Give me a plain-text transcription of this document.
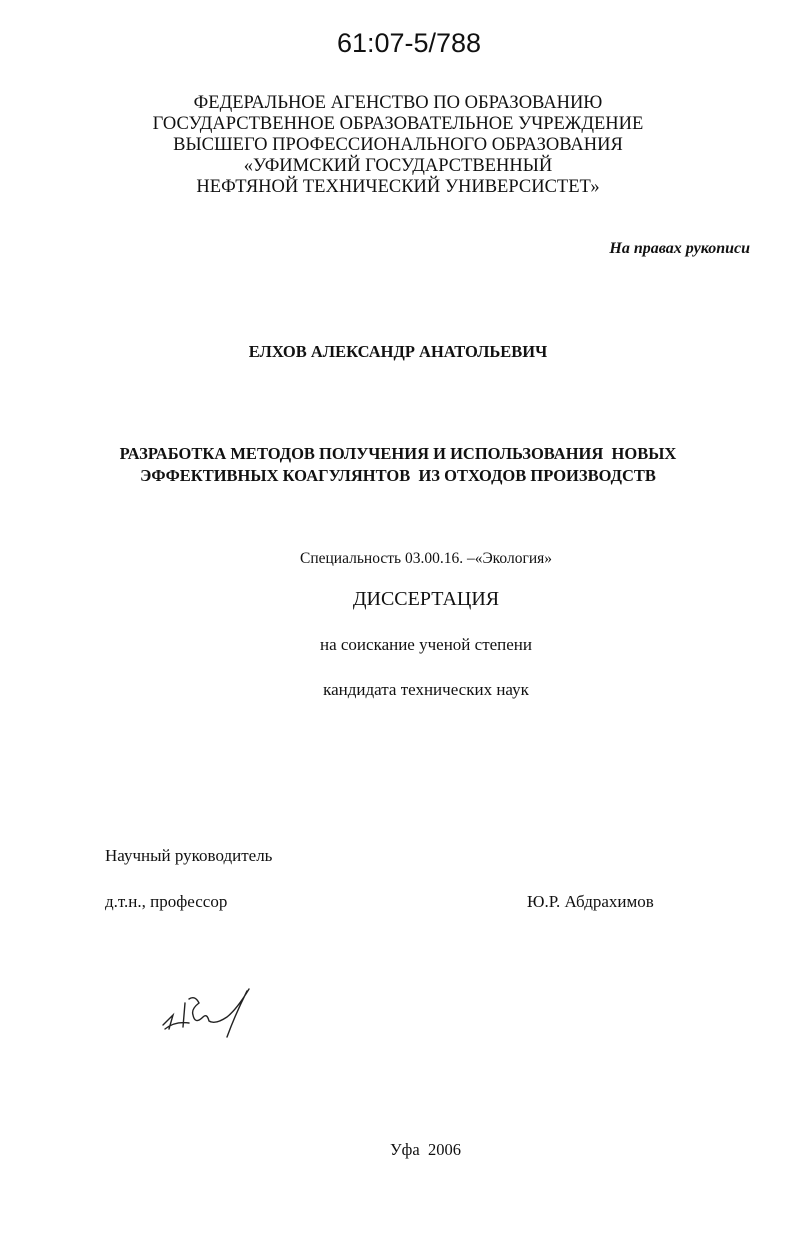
61:07-5/788
ФЕДЕРАЛЬНОЕ АГЕНСТВО ПО ОБРАЗОВАНИЮ
ГОСУДАРСТВЕННОЕ ОБРАЗОВАТЕЛЬНОЕ УЧРЕЖДЕНИЕ
ВЫСШЕГО ПРОФЕССИОНАЛЬНОГО ОБРАЗОВАНИЯ
«УФИМСКИЙ ГОСУДАРСТВЕННЫЙ
НЕФТЯНОЙ ТЕХНИЧЕСКИЙ УНИВЕРСИСТЕТ»
На правах рукописи
ЕЛХОВ АЛЕКСАНДР АНАТОЛЬЕВИЧ
РАЗРАБОТКА МЕТОДОВ ПОЛУЧЕНИЯ И ИСПОЛЬЗОВАНИЯ  НОВЫХ
ЭФФЕКТИВНЫХ КОАГУЛЯНТОВ  ИЗ ОТХОДОВ ПРОИЗВОДСТВ
Специальность 03.00.16. –«Экология»
ДИССЕРТАЦИЯ
на соискание ученой степени
кандидата технических наук
Научный руководитель
д.т.н., профессор	Ю.Р. Абдрахимов
Уфа  2006
